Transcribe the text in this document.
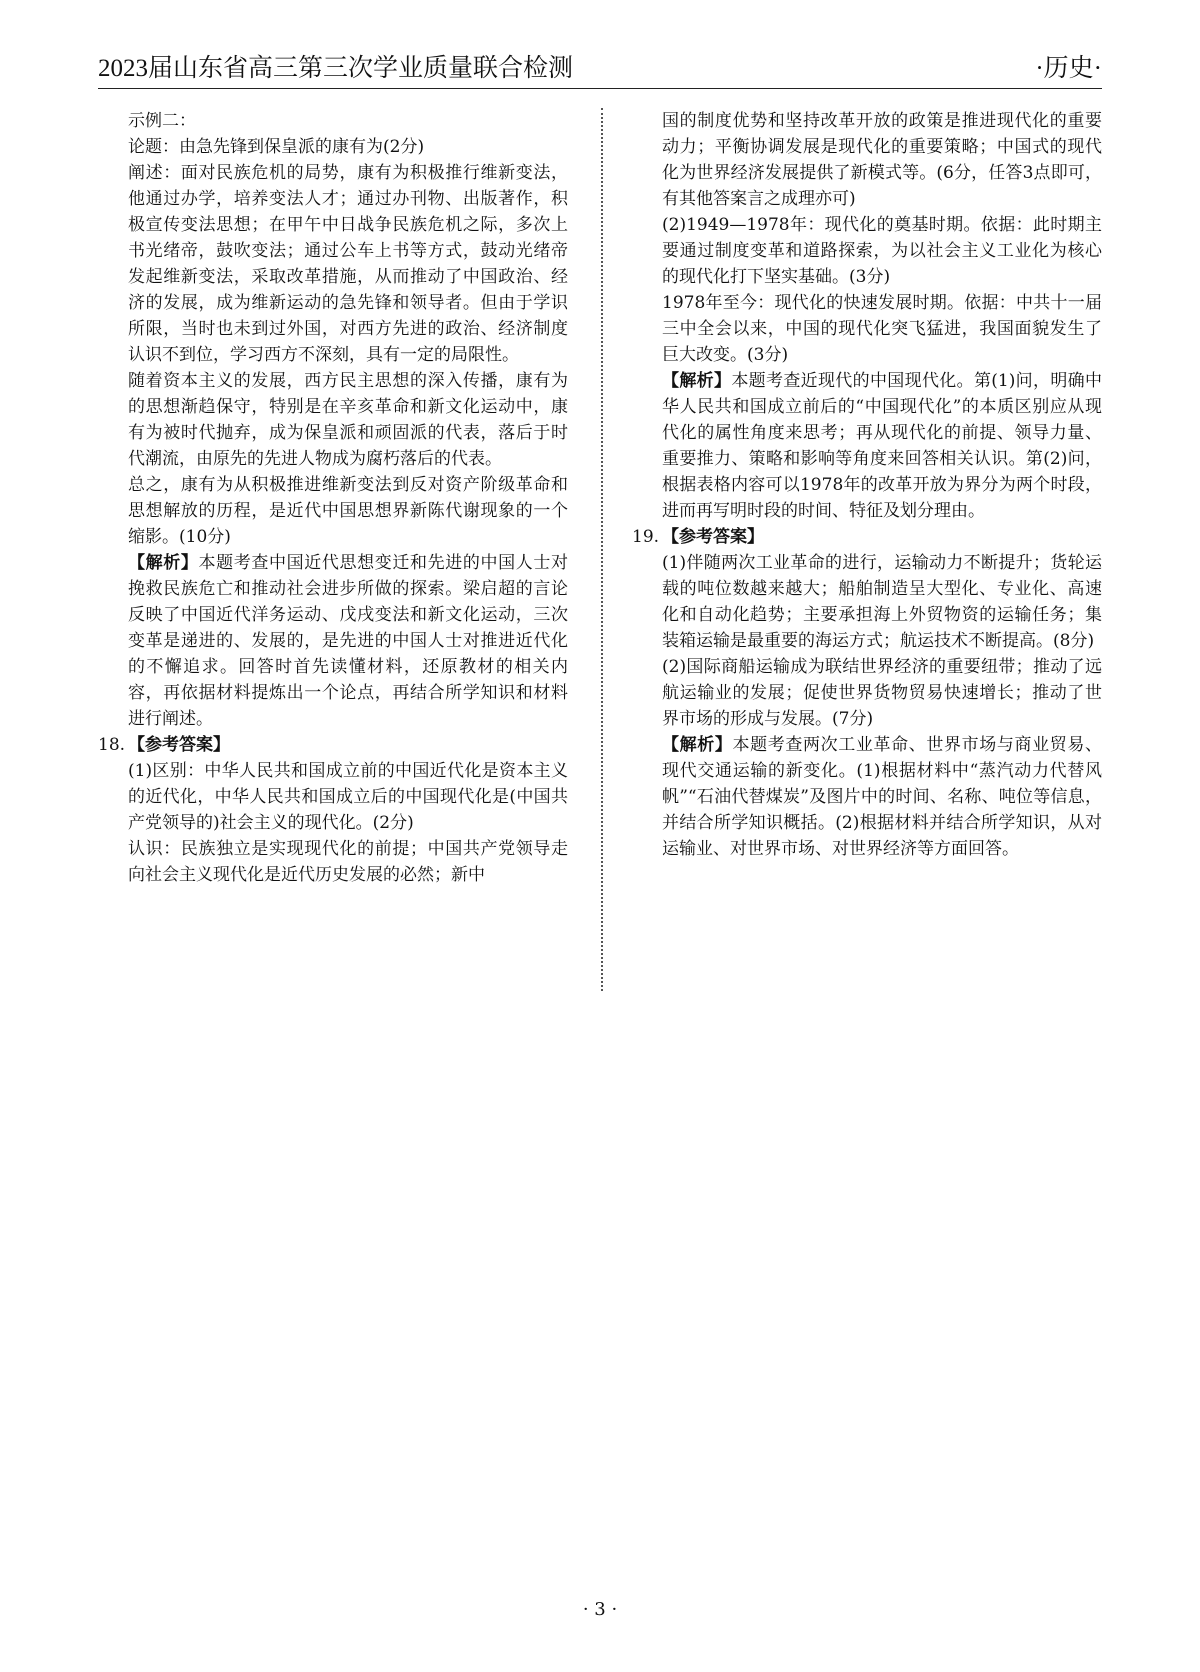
2023届山东省高三第三次学业质量联合检测	·历史·

示例二：

论题：由急先锋到保皇派的康有为(2分)

阐述：面对民族危机的局势，康有为积极推行维新变法，他通过办学，培养变法人才；通过办刊物、出版著作，积极宣传变法思想；在甲午中日战争民族危机之际，多次上书光绪帝，鼓吹变法；通过公车上书等方式，鼓动光绪帝发起维新变法，采取改革措施，从而推动了中国政治、经济的发展，成为维新运动的急先锋和领导者。但由于学识所限，当时也未到过外国，对西方先进的政治、经济制度认识不到位，学习西方不深刻，具有一定的局限性。

随着资本主义的发展，西方民主思想的深入传播，康有为的思想渐趋保守，特别是在辛亥革命和新文化运动中，康有为被时代抛弃，成为保皇派和顽固派的代表，落后于时代潮流，由原先的先进人物成为腐朽落后的代表。

总之，康有为从积极推进维新变法到反对资产阶级革命和思想解放的历程，是近代中国思想界新陈代谢现象的一个缩影。(10分)

【解析】本题考查中国近代思想变迁和先进的中国人士对挽救民族危亡和推动社会进步所做的探索。梁启超的言论反映了中国近代洋务运动、戊戌变法和新文化运动，三次变革是递进的、发展的，是先进的中国人士对推进近代化的不懈追求。回答时首先读懂材料，还原教材的相关内容，再依据材料提炼出一个论点，再结合所学知识和材料进行阐述。

18. 【参考答案】

(1)区别：中华人民共和国成立前的中国近代化是资本主义的近代化，中华人民共和国成立后的中国现代化是(中国共产党领导的)社会主义的现代化。(2分)

认识：民族独立是实现现代化的前提；中国共产党领导走向社会主义现代化是近代历史发展的必然；新中

国的制度优势和坚持改革开放的政策是推进现代化的重要动力；平衡协调发展是现代化的重要策略；中国式的现代化为世界经济发展提供了新模式等。(6分，任答3点即可，有其他答案言之成理亦可)

(2)1949—1978年：现代化的奠基时期。依据：此时期主要通过制度变革和道路探索，为以社会主义工业化为核心的现代化打下坚实基础。(3分)

1978年至今：现代化的快速发展时期。依据：中共十一届三中全会以来，中国的现代化突飞猛进，我国面貌发生了巨大改变。(3分)

【解析】本题考查近现代的中国现代化。第(1)问，明确中华人民共和国成立前后的“中国现代化”的本质区别应从现代化的属性角度来思考；再从现代化的前提、领导力量、重要推力、策略和影响等角度来回答相关认识。第(2)问，根据表格内容可以1978年的改革开放为界分为两个时段，进而再写明时段的时间、特征及划分理由。

19. 【参考答案】

(1)伴随两次工业革命的进行，运输动力不断提升；货轮运载的吨位数越来越大；船舶制造呈大型化、专业化、高速化和自动化趋势；主要承担海上外贸物资的运输任务；集装箱运输是最重要的海运方式；航运技术不断提高。(8分)

(2)国际商船运输成为联结世界经济的重要纽带；推动了远航运输业的发展；促使世界货物贸易快速增长；推动了世界市场的形成与发展。(7分)

【解析】本题考查两次工业革命、世界市场与商业贸易、现代交通运输的新变化。(1)根据材料中“蒸汽动力代替风帆”“石油代替煤炭”及图片中的时间、名称、吨位等信息，并结合所学知识概括。(2)根据材料并结合所学知识，从对运输业、对世界市场、对世界经济等方面回答。

· 3 ·
